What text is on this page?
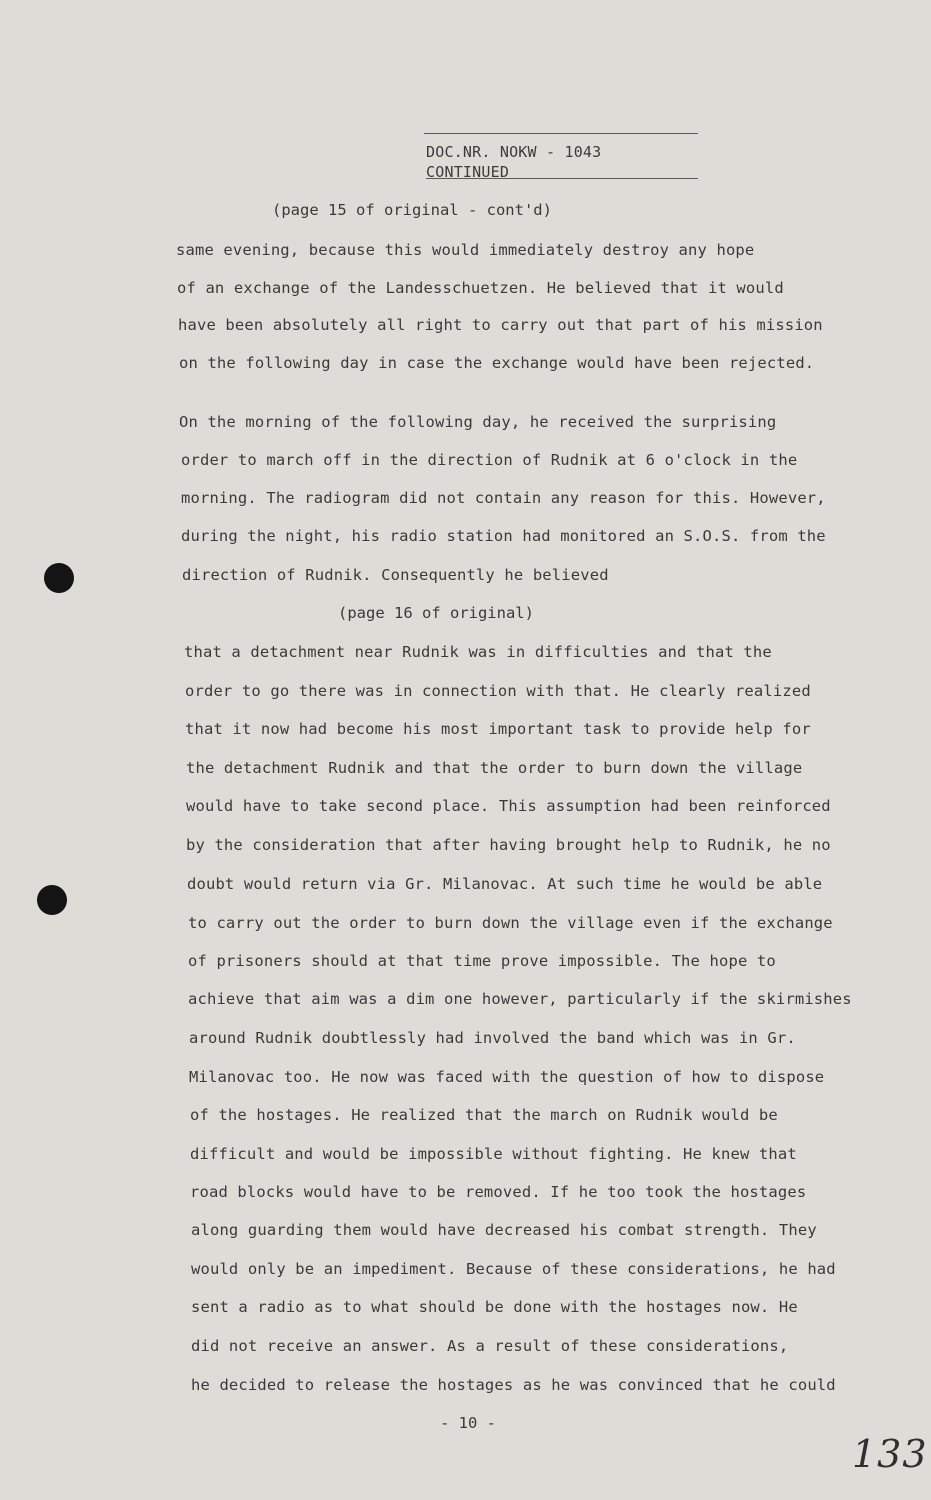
DOC.NR. NOKW - 1043
CONTINUED
(page 15 of original - cont'd)
same evening, because this would immediately destroy any hope
of an exchange of the Landesschuetzen. He believed that it would
have been absolutely all right to carry out that part of his mission
on the following day in case the exchange would have been rejected.
On the morning of the following day, he received the surprising
order to march off in the direction of Rudnik at 6 o'clock in the
morning. The radiogram did not contain any reason for this. However,
during the night, his radio station had monitored an S.O.S. from the
direction of Rudnik. Consequently he believed
(page 16 of original)
that a detachment near Rudnik was in difficulties and that the
order to go there was in connection with that. He clearly realized
that it now had become his most important task to provide help for
the detachment Rudnik and that the order to burn down the village
would have to take second place. This assumption had been reinforced
by the consideration that after having brought help to Rudnik, he no
doubt would return via Gr. Milanovac. At such time he would be able
to carry out the order to burn down the village even if the exchange
of prisoners should at that time prove impossible. The hope to
achieve that aim was a dim one however, particularly if the skirmishes
around Rudnik doubtlessly had involved the band which was in Gr.
Milanovac too. He now was faced with the question of how to dispose
of the hostages. He realized that the march on Rudnik would be
difficult and would be impossible without fighting. He knew that
road blocks would have to be removed. If he too took the hostages
along guarding them would have decreased his combat strength. They
would only be an impediment. Because of these considerations, he had
sent a radio as to what should be done with the hostages now. He
did not receive an answer. As a result of these considerations,
he decided to release the hostages as he was convinced that he could
- 10 -
133
